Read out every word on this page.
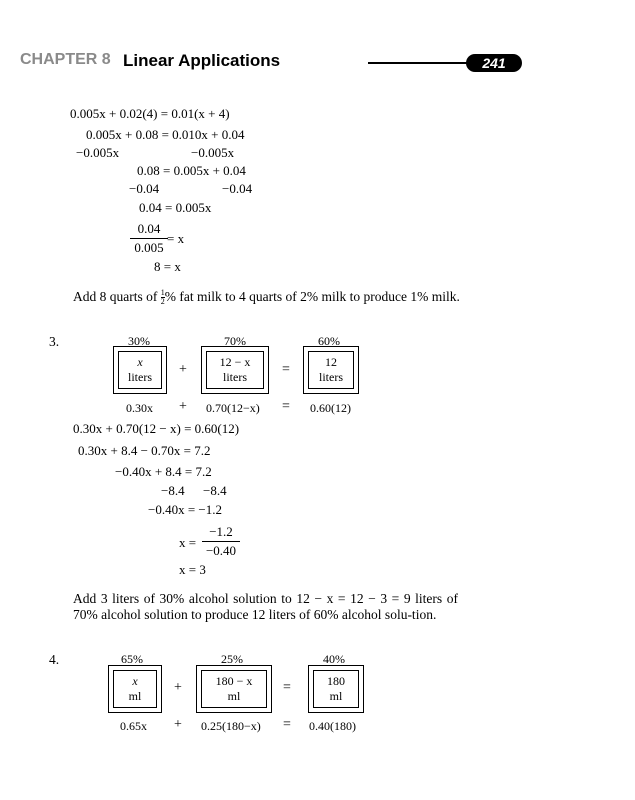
CHAPTER 8 Linear Applications	241
0.005x + 0.02(4) = 0.01(x + 4)
0.005x + 0.08 = 0.010x + 0.04
−0.005x	−0.005x
0.08 = 0.005x + 0.04
−0.04	−0.04
0.04 = 0.005x
$\frac{0.04}{0.005} = x$
8 = x
Add 8 quarts of $\frac{1}{2}$ % fat milk to 4 quarts of 2% milk to produce 1% milk.
3.	30%	70%	60%
x
liters	+	12 − x
liters	=	12
liters
0.30x + 0.70(12−x) = 0.60(12)
0.30x + 0.70(12 − x) = 0.60(12)
0.30x + 8.4 − 0.70x = 7.2
−0.40x + 8.4 = 7.2
−8.4 −8.4
−0.40x = −1.2
$x = \frac{-1.2}{-0.40}$
x = 3
Add 3 liters of 30% alcohol solution to 12 − x = 12 − 3 = 9 liters of 70% alcohol solution to produce 12 liters of 60% alcohol solu-tion.
4.	65%	25%	40%
x
ml
+	180 − x
ml
=	180
ml
0.65x + 0.25(180−x) = 0.40(180)
